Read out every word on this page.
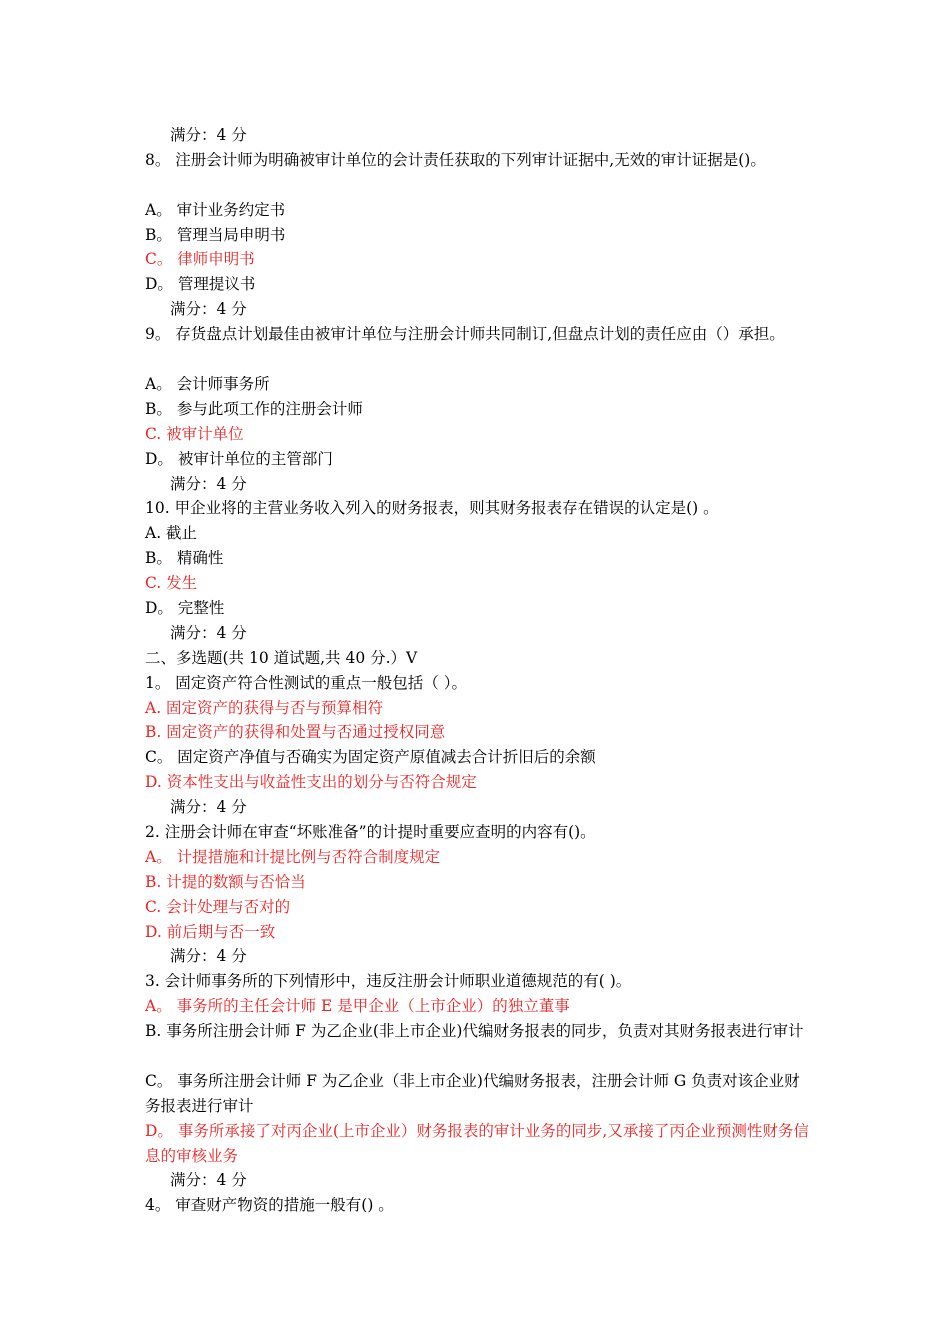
满分：4 分
8。 注册会计师为明确被审计单位的会计责任获取的下列审计证据中,无效的审计证据是()。
A。 审计业务约定书
B。 管理当局申明书
C。 律师申明书
D。 管理提议书
满分：4 分
9。 存货盘点计划最佳由被审计单位与注册会计师共同制订,但盘点计划的责任应由（）承担。
A。 会计师事务所
B。 参与此项工作的注册会计师
C. 被审计单位
D。 被审计单位的主管部门
满分：4 分
10. 甲企业将的主营业务收入列入的财务报表，则其财务报表存在错误的认定是() 。
A. 截止
B。 精确性
C. 发生
D。 完整性
满分：4 分
二、多选题(共 10 道试题,共 40 分.）V
1。 固定资产符合性测试的重点一般包括（ ）。
A. 固定资产的获得与否与预算相符
B. 固定资产的获得和处置与否通过授权同意
C。 固定资产净值与否确实为固定资产原值减去合计折旧后的余额
D. 资本性支出与收益性支出的划分与否符合规定
满分：4 分
2. 注册会计师在审查“坏账准备”的计提时重要应查明的内容有()。
A。 计提措施和计提比例与否符合制度规定
B. 计提的数额与否恰当
C. 会计处理与否对的
D. 前后期与否一致
满分：4 分
3. 会计师事务所的下列情形中，违反注册会计师职业道德规范的有( )。
A。 事务所的主任会计师 E 是甲企业（上市企业）的独立董事
B. 事务所注册会计师 F 为乙企业(非上市企业)代编财务报表的同步，负责对其财务报表进行审计
C。 事务所注册会计师 F 为乙企业（非上市企业)代编财务报表，注册会计师 G 负责对该企业财务报表进行审计
D。 事务所承接了对丙企业(上市企业）财务报表的审计业务的同步,又承接了丙企业预测性财务信息的审核业务
满分：4 分
4。 审查财产物资的措施一般有() 。
